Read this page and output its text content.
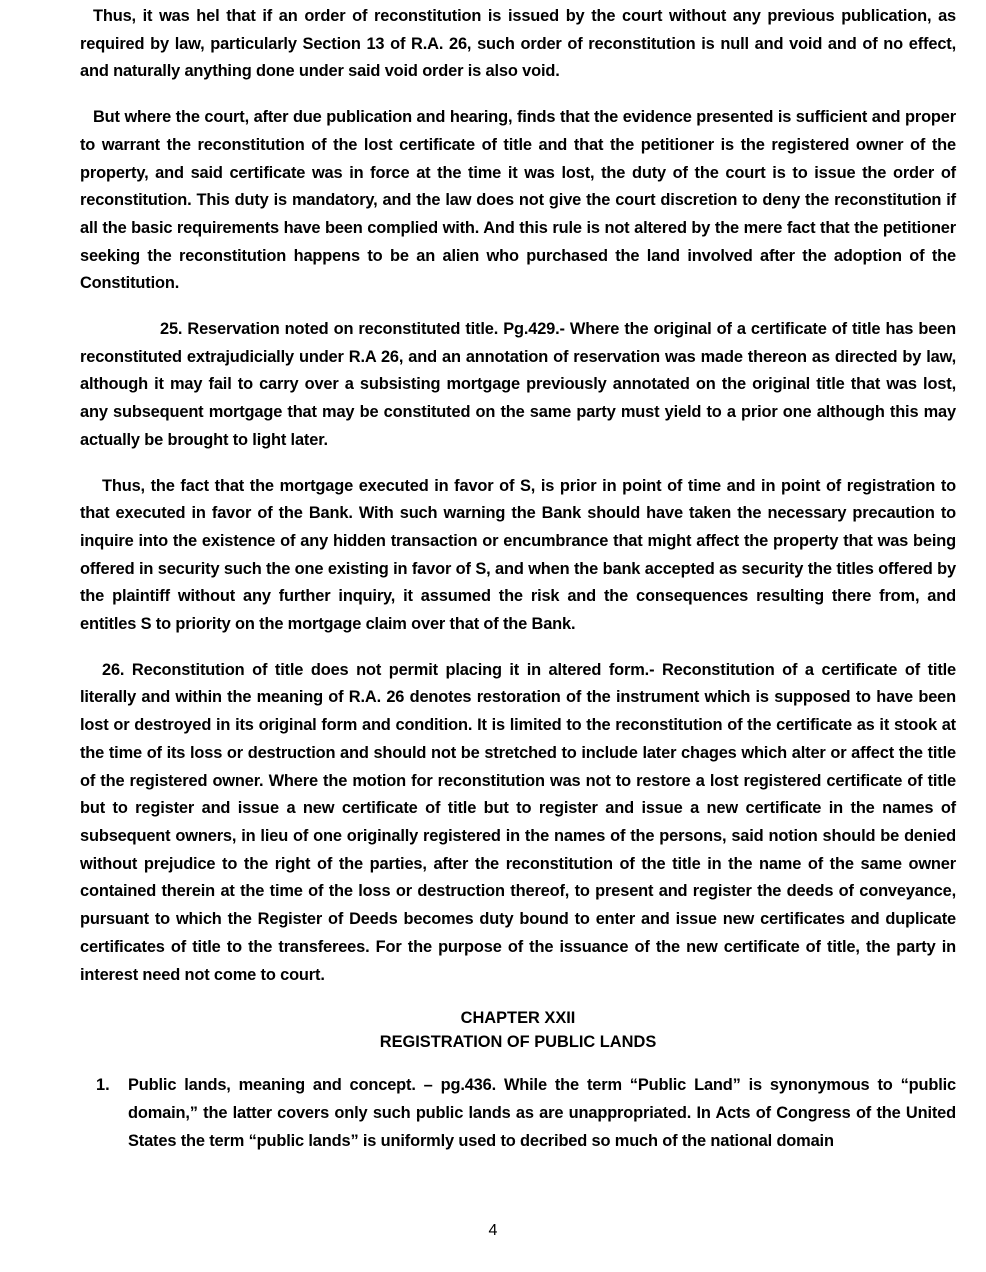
Thus, it was hel that if an order of reconstitution is issued by the court without any previous publication, as required by law, particularly Section 13 of R.A. 26, such order of reconstitution is null and void and of no effect, and naturally anything done under said void order is also void.

But where the court, after due publication and hearing, finds that the evidence presented is sufficient and proper to warrant the reconstitution of the lost certificate of title and that the petitioner is the registered owner of the property, and said certificate was in force at the time it was lost, the duty of the court is to issue the order of reconstitution. This duty is mandatory, and the law does not give the court discretion to deny the reconstitution if all the basic requirements have been complied with. And this rule is not altered by the mere fact that the petitioner seeking the reconstitution happens to be an alien who purchased the land involved after the adoption of the Constitution.

25. Reservation noted on reconstituted title. Pg.429.- Where the original of a certificate of title has been reconstituted extrajudicially under R.A 26, and an annotation of reservation was made thereon as directed by law, although it may fail to carry over a subsisting mortgage previously annotated on the original title that was lost, any subsequent mortgage that may be constituted on the same party must yield to a prior one although this may actually be brought to light later.

Thus, the fact that the mortgage executed in favor of S, is prior in point of time and in point of registration to that executed in favor of the Bank. With such warning the Bank should have taken the necessary precaution to inquire into the existence of any hidden transaction or encumbrance that might affect the property that was being offered in security such the one existing in favor of S, and when the bank accepted as security the titles offered by the plaintiff without any further inquiry, it assumed the risk and the consequences resulting there from, and entitles S to priority on the mortgage claim over that of the Bank.

26. Reconstitution of title does not permit placing it in altered form.- Reconstitution of a certificate of title literally and within the meaning of R.A. 26 denotes restoration of the instrument which is supposed to have been lost or destroyed in its original form and condition. It is limited to the reconstitution of the certificate as it stook at the time of its loss or destruction and should not be stretched to include later chages which alter or affect the title of the registered owner. Where the motion for reconstitution was not to restore a lost registered certificate of title but to register and issue a new certificate of title but to register and issue a new certificate in the names of subsequent owners, in lieu of one originally registered in the names of the persons, said notion should be denied without prejudice to the right of the parties, after the reconstitution of the title in the name of the same owner contained therein at the time of the loss or destruction thereof, to present and register the deeds of conveyance, pursuant to which the Register of Deeds becomes duty bound to enter and issue new certificates and duplicate certificates of title to the transferees. For the purpose of the issuance of the new certificate of title, the party in interest need not come to court.

CHAPTER XXII
REGISTRATION OF PUBLIC LANDS
1.	Public lands, meaning and concept. – pg.436. While the term “Public Land” is synonymous to “public domain,” the latter covers only such public lands as are unappropriated. In Acts of Congress of the United States the term “public lands” is uniformly used to decribed so much of the national domain

4
